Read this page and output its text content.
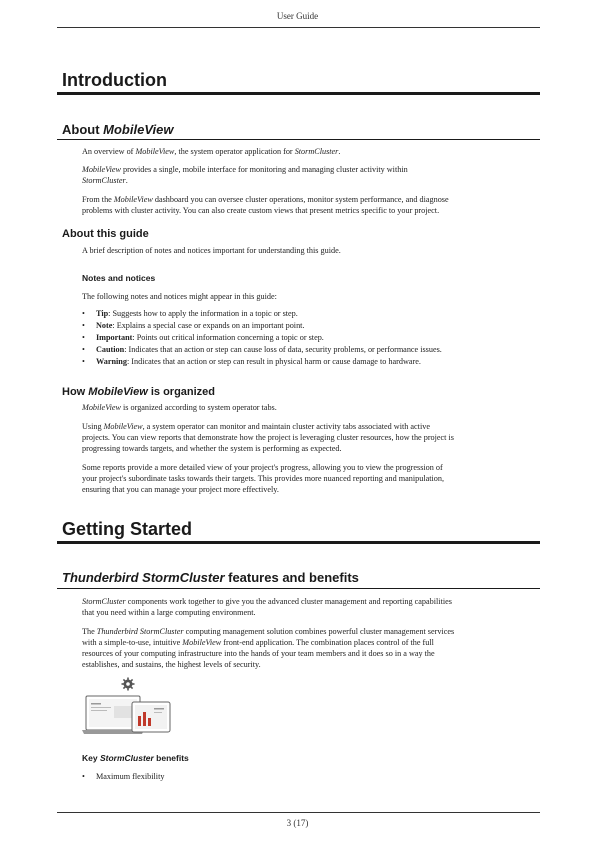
User Guide
Introduction
About MobileView
An overview of MobileView, the system operator application for StormCluster.
MobileView provides a single, mobile interface for monitoring and managing cluster activity within
StormCluster.
From the MobileView dashboard you can oversee cluster operations, monitor system performance, and diagnose
problems with cluster activity. You can also create custom views that present metrics specific to your project.
About this guide
A brief description of notes and notices important for understanding this guide.
Notes and notices
The following notes and notices might appear in this guide:
• Tip: Suggests how to apply the information in a topic or step.
• Note: Explains a special case or expands on an important point.
• Important: Points out critical information concerning a topic or step.
• Caution: Indicates that an action or step can cause loss of data, security problems, or performance issues.
• Warning: Indicates that an action or step can result in physical harm or cause damage to hardware.
How MobileView is organized
MobileView is organized according to system operator tabs.
Using MobileView, a system operator can monitor and maintain cluster activity tabs associated with active
projects. You can view reports that demonstrate how the project is leveraging cluster resources, how the project is
progressing towards targets, and whether the system is performing as expected.
Some reports provide a more detailed view of your project's progress, allowing you to view the progression of
your project's subordinate tasks towards their targets. This provides more nuanced reporting and manipulation,
ensuring that you can manage your project more effectively.
Getting Started
Thunderbird StormCluster features and benefits
StormCluster components work together to give you the advanced cluster management and reporting capabilities
that you need within a large computing environment.
The Thunderbird StormCluster computing management solution combines powerful cluster management services
with a simple-to-use, intuitive MobileView front-end application. The combination places control of the full
resources of your computing infrastructure into the hands of your team members and it does so in a way the
establishes, and sustains, the highest levels of security.
Key StormCluster benefits
• Maximum flexibility
3 (17)
